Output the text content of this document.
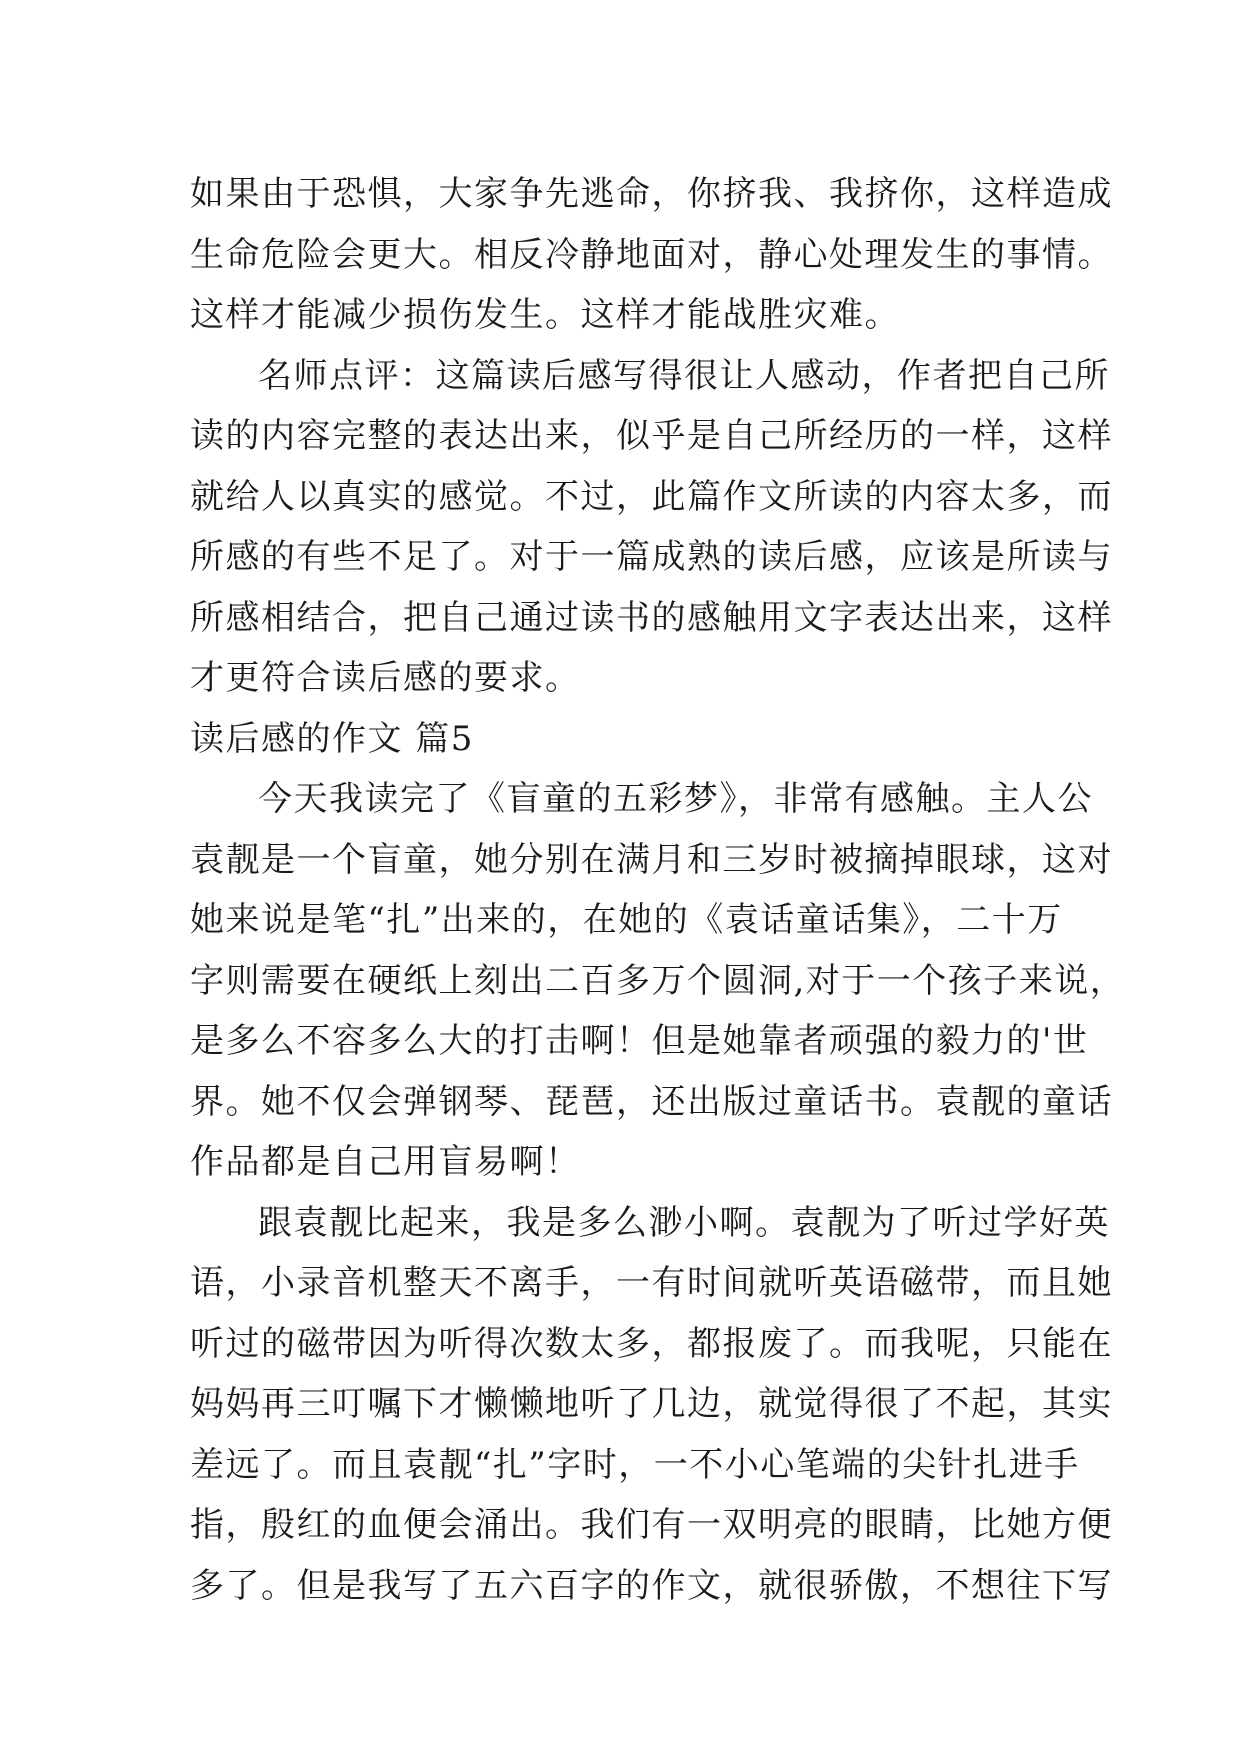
如果由于恐惧，大家争先逃命，你挤我、我挤你，这样造成
生命危险会更大。相反冷静地面对，静心处理发生的事情。
这样才能减少损伤发生。这样才能战胜灾难。
名师点评：这篇读后感写得很让人感动，作者把自己所
读的内容完整的表达出来，似乎是自己所经历的一样，这样
就给人以真实的感觉。不过，此篇作文所读的内容太多，而
所感的有些不足了。对于一篇成熟的读后感，应该是所读与
所感相结合，把自己通过读书的感触用文字表达出来，这样
才更符合读后感的要求。
读后感的作文 篇5
今天我读完了《盲童的五彩梦》，非常有感触。主人公
袁靓是一个盲童，她分别在满月和三岁时被摘掉眼球，这对
她来说是笔“扎”出来的，在她的《袁话童话集》，二十万
字则需要在硬纸上刻出二百多万个圆洞,对于一个孩子来说，
是多么不容多么大的打击啊！但是她靠者顽强的毅力的'世
界。她不仅会弹钢琴、琵琶，还出版过童话书。袁靓的童话
作品都是自己用盲易啊！
跟袁靓比起来，我是多么渺小啊。袁靓为了听过学好英
语，小录音机整天不离手，一有时间就听英语磁带，而且她
听过的磁带因为听得次数太多，都报废了。而我呢，只能在
妈妈再三叮嘱下才懒懒地听了几边，就觉得很了不起，其实
差远了。而且袁靓“扎”字时，一不小心笔端的尖针扎进手
指，殷红的血便会涌出。我们有一双明亮的眼睛，比她方便
多了。但是我写了五六百字的作文，就很骄傲，不想往下写
